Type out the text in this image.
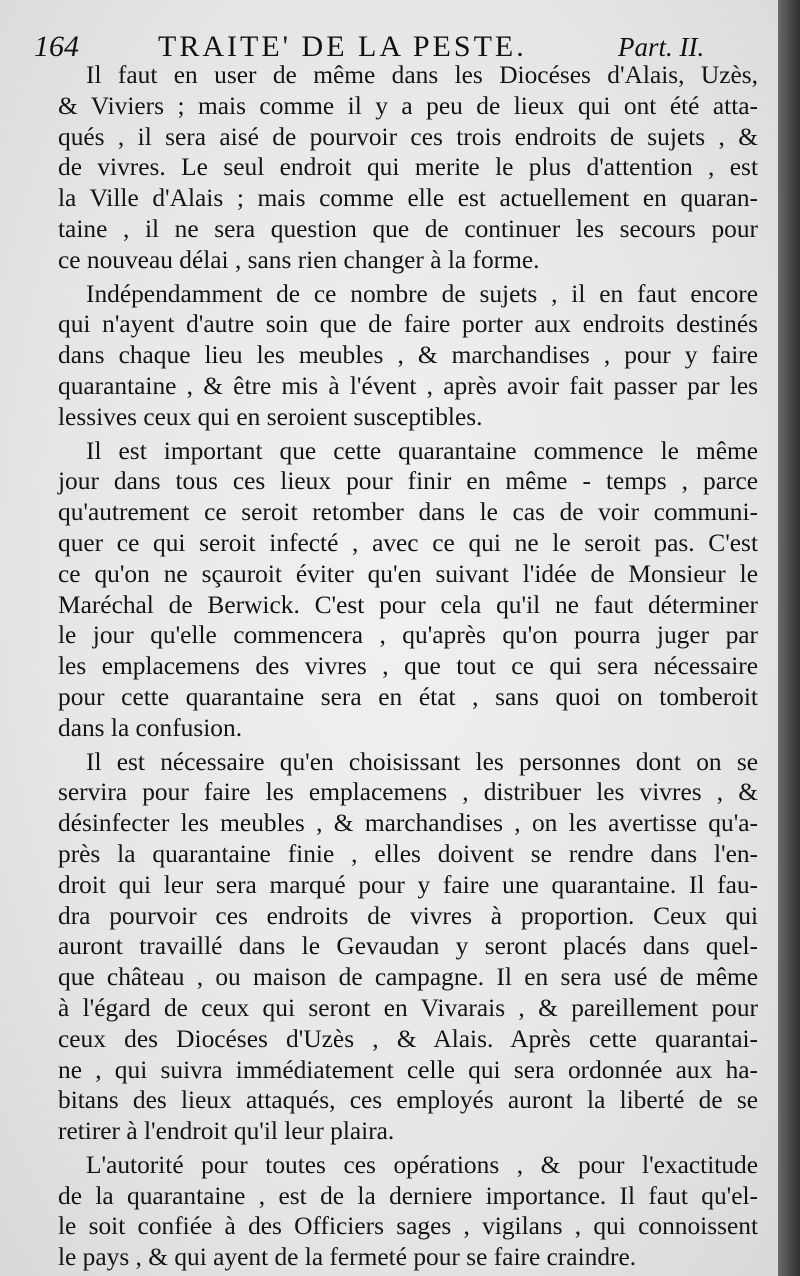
164	TRAITE' DE LA PESTE.	Part. II.
Il faut en user de même dans les Diocéses d'Alais, Uzès,
& Viviers ; mais comme il y a peu de lieux qui ont été atta-
qués , il sera aisé de pourvoir ces trois endroits de sujets , &
de vivres. Le seul endroit qui merite le plus d'attention , est
la Ville d'Alais ; mais comme elle est actuellement en quaran-
taine , il ne sera question que de continuer les secours pour
ce nouveau délai , sans rien changer à la forme.
Indépendamment de ce nombre de sujets , il en faut encore
qui n'ayent d'autre soin que de faire porter aux endroits destinés
dans chaque lieu les meubles , & marchandises , pour y faire
quarantaine , & être mis à l'évent , après avoir fait passer par les
lessives ceux qui en seroient susceptibles.
Il est important que cette quarantaine commence le même
jour dans tous ces lieux pour finir en même - temps , parce
qu'autrement ce seroit retomber dans le cas de voir communi-
quer ce qui seroit infecté , avec ce qui ne le seroit pas. C'est
ce qu'on ne sçauroit éviter qu'en suivant l'idée de Monsieur le
Maréchal de Berwick. C'est pour cela qu'il ne faut déterminer
le jour qu'elle commencera , qu'après qu'on pourra juger par
les emplacemens des vivres , que tout ce qui sera nécessaire
pour cette quarantaine sera en état , sans quoi on tomberoit
dans la confusion.
Il est nécessaire qu'en choisissant les personnes dont on se
servira pour faire les emplacemens , distribuer les vivres , &
désinfecter les meubles , & marchandises , on les avertisse qu'a-
près la quarantaine finie , elles doivent se rendre dans l'en-
droit qui leur sera marqué pour y faire une quarantaine. Il fau-
dra pourvoir ces endroits de vivres à proportion. Ceux qui
auront travaillé dans le Gevaudan y seront placés dans quel-
que château , ou maison de campagne. Il en sera usé de même
à l'égard de ceux qui seront en Vivarais , & pareillement pour
ceux des Diocéses d'Uzès , & Alais. Après cette quarantai-
ne , qui suivra immédiatement celle qui sera ordonnée aux ha-
bitans des lieux attaqués, ces employés auront la liberté de se
retirer à l'endroit qu'il leur plaira.
L'autorité pour toutes ces opérations , & pour l'exactitude
de la quarantaine , est de la derniere importance. Il faut qu'el-
le soit confiée à des Officiers sages , vigilans , qui connoissent
le pays , & qui ayent de la fermeté pour se faire craindre.
